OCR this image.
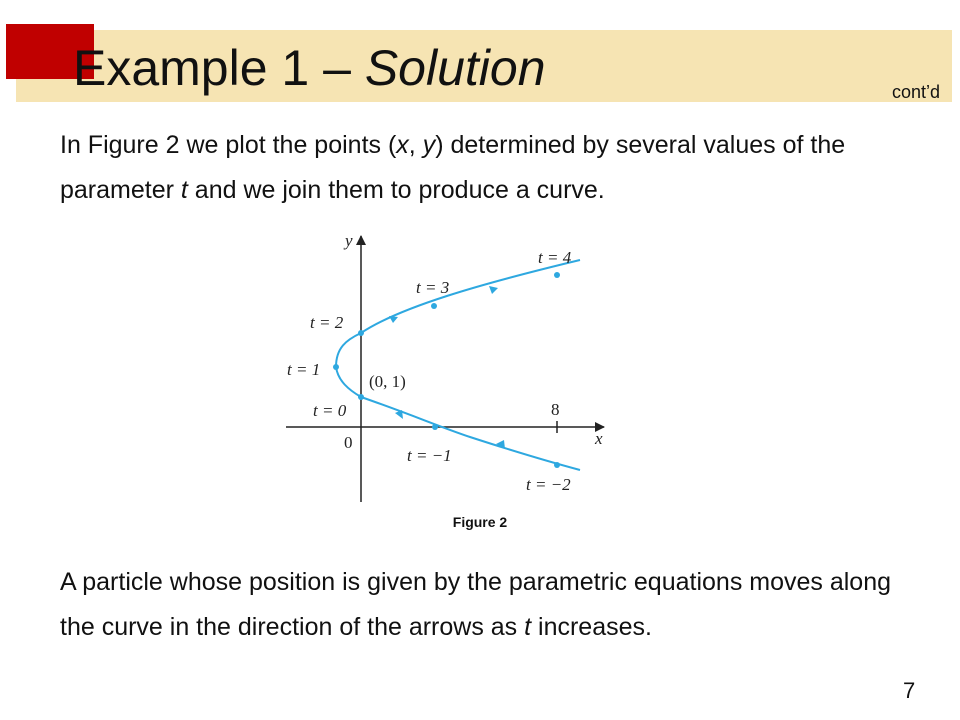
Example 1 – Solution	cont’d
In Figure 2 we plot the points (x, y) determined by several values of the parameter t and we join them to produce a curve.
y
x
0
8
(0, 1)
t = 4
t = 3
t = 2
t = 1
t = 0
t = −1
t = −2
Figure 2
A particle whose position is given by the parametric equations moves along the curve in the direction of the arrows as t increases.
7
